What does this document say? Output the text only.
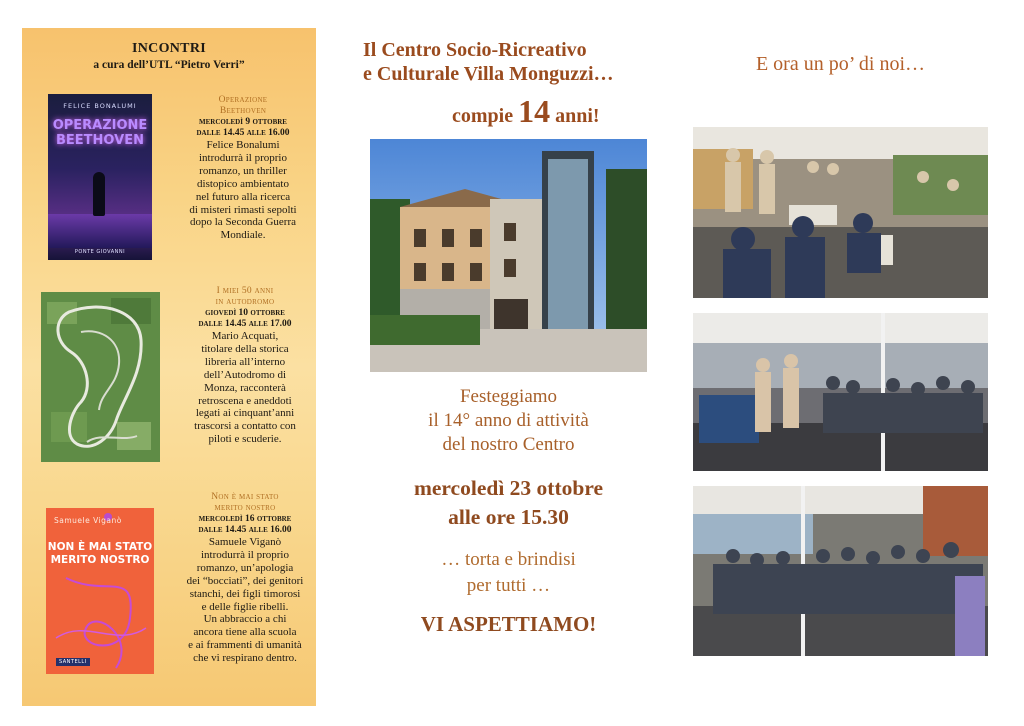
INCONTRI
a cura dell’UTL “Pietro Verri”
FELICE BONALUMI
OPERAZIONE
BEETHOVEN
PONTE GIOVANNI
Operazione
Beethoven
mercoledì 9 ottobre
dalle 14.45 alle 16.00
Felice Bonalumi
introdurrà il proprio
romanzo, un thriller
distopico ambientato
nel futuro alla ricerca
di misteri rimasti sepolti
dopo la Seconda Guerra
Mondiale.
I miei 50 anni
in autodromo
giovedì 10 ottobre
dalle 14.45 alle 17.00
Mario Acquati,
titolare della storica
libreria all’interno
dell’Autodromo di
Monza, racconterà
retroscena e aneddoti
legati ai cinquant’anni
trascorsi a contatto con
piloti e scuderie.
Samuele Viganò
NON È MAI STATO
MERITO NOSTRO
SANTELLI
Non è mai stato
merito nostro
mercoledì 16 ottobre
dalle 14.45 alle 16.00
Samuele Viganò
introdurrà il proprio
romanzo, un’apologia
dei “bocciati”, dei genitori
stanchi, dei figli timorosi
e delle figlie ribelli.
Un abbraccio a chi
ancora tiene alla scuola
e ai frammenti di umanità
che vi respirano dentro.
Il Centro Socio-Ricreativo
e Culturale Villa Monguzzi…
compie 14 anni!
Festeggiamo
il 14° anno di attività
del nostro Centro
mercoledì 23 ottobre
alle ore 15.30
… torta e brindisi
per tutti …
VI ASPETTIAMO!
E ora un po’ di noi…
